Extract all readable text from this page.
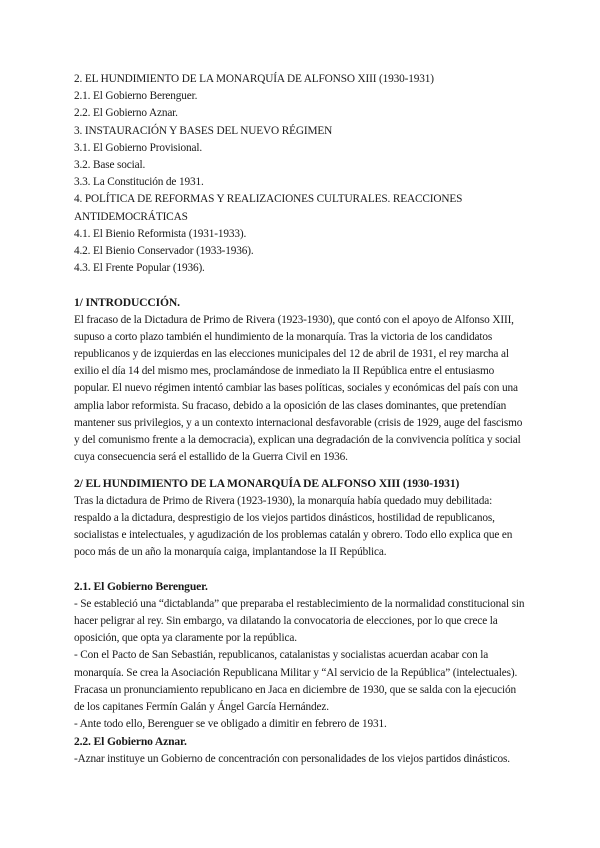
2. EL HUNDIMIENTO DE LA MONARQUÍA DE ALFONSO XIII (1930-1931)

2.1. El Gobierno Berenguer.

2.2. El Gobierno Aznar.

3. INSTAURACIÓN Y BASES DEL NUEVO RÉGIMEN

3.1. El Gobierno Provisional.

3.2. Base social.

3.3. La Constitución de 1931.

4. POLÍTICA DE REFORMAS Y REALIZACIONES CULTURALES. REACCIONES ANTIDEMOCRÁTICAS

4.1. El Bienio Reformista (1931-1933).

4.2. El Bienio Conservador (1933-1936).

4.3. El Frente Popular (1936).

1/ INTRODUCCIÓN.

El fracaso de la Dictadura de Primo de Rivera (1923-1930), que contó con el apoyo de Alfonso XIII, supuso a corto plazo también el hundimiento de la monarquía. Tras la victoria de los candidatos republicanos y de izquierdas en las elecciones municipales del 12 de abril de 1931, el rey marcha al exilio el día 14 del mismo mes, proclamándose de inmediato la II República entre el entusiasmo popular. El nuevo régimen intentó cambiar las bases políticas, sociales y económicas del país con una amplia labor reformista. Su fracaso, debido a la oposición de las clases dominantes, que pretendían mantener sus privilegios, y a un contexto internacional desfavorable (crisis de 1929, auge del fascismo y del comunismo frente a la democracia), explican una degradación de la convivencia política y social cuya consecuencia será el estallido de la Guerra Civil en 1936.

2/ EL HUNDIMIENTO DE LA MONARQUÍA DE ALFONSO XIII (1930-1931)

Tras la dictadura de Primo de Rivera (1923-1930), la monarquía había quedado muy debilitada: respaldo a la dictadura, desprestigio de los viejos partidos dinásticos, hostilidad de republicanos, socialistas e intelectuales, y agudización de los problemas catalán y obrero. Todo ello explica que en poco más de un año la monarquía caiga, implantandose la II República.

2.1. El Gobierno Berenguer.

- Se estableció una “dictablanda” que preparaba el restablecimiento de la normalidad constitucional sin hacer peligrar al rey. Sin embargo, va dilatando la convocatoria de elecciones, por lo que crece la oposición, que opta ya claramente por la república.

- Con el Pacto de San Sebastián, republicanos, catalanistas y socialistas acuerdan acabar con la monarquía. Se crea la Asociación Republicana Militar y “Al servicio de la República” (intelectuales). Fracasa un pronunciamiento republicano en Jaca en diciembre de 1930, que se salda con la ejecución de los capitanes Fermín Galán y Ángel García Hernández.

- Ante todo ello, Berenguer se ve obligado a dimitir en febrero de 1931.

2.2. El Gobierno Aznar.

-Aznar instituye un Gobierno de concentración con personalidades de los viejos partidos dinásticos.
